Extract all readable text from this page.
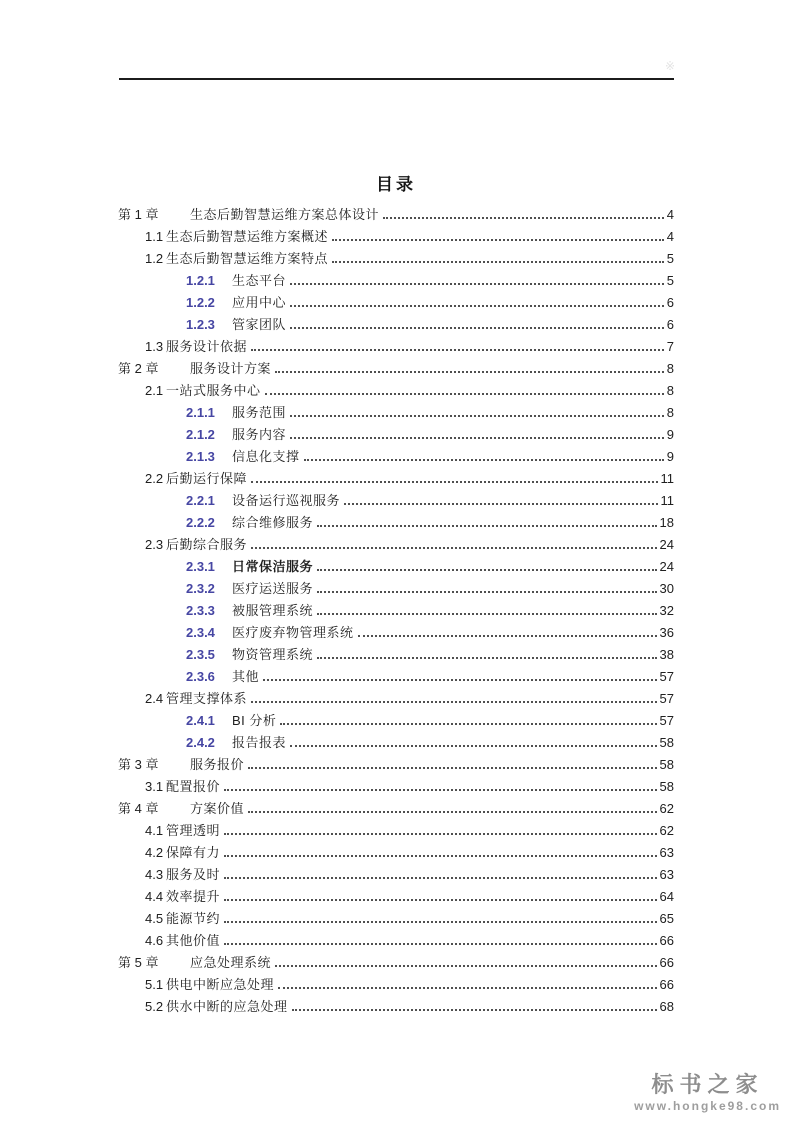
※
目录
第 1 章	生态后勤智慧运维方案总体设计	4
1.1 生态后勤智慧运维方案概述	4
1.2 生态后勤智慧运维方案特点	5
1.2.1	生态平台	5
1.2.2	应用中心	6
1.2.3	管家团队	6
1.3 服务设计依据	7
第 2 章	服务设计方案	8
2.1 一站式服务中心	8
2.1.1	服务范围	8
2.1.2	服务内容	9
2.1.3	信息化支撑	9
2.2 后勤运行保障	11
2.2.1	设备运行巡视服务	11
2.2.2	综合维修服务	18
2.3 后勤综合服务	24
2.3.1	日常保洁服务	24
2.3.2	医疗运送服务	30
2.3.3	被服管理系统	32
2.3.4	医疗废弃物管理系统	36
2.3.5	物资管理系统	38
2.3.6	其他	57
2.4 管理支撑体系	57
2.4.1	BI 分析	57
2.4.2	报告报表	58
第 3 章	服务报价	58
3.1 配置报价	58
第 4 章	方案价值	62
4.1 管理透明	62
4.2 保障有力	63
4.3 服务及时	63
4.4 效率提升	64
4.5 能源节约	65
4.6 其他价值	66
第 5 章	应急处理系统	66
5.1 供电中断应急处理	66
5.2 供水中断的应急处理	68
标书之家
www.hongke98.com
